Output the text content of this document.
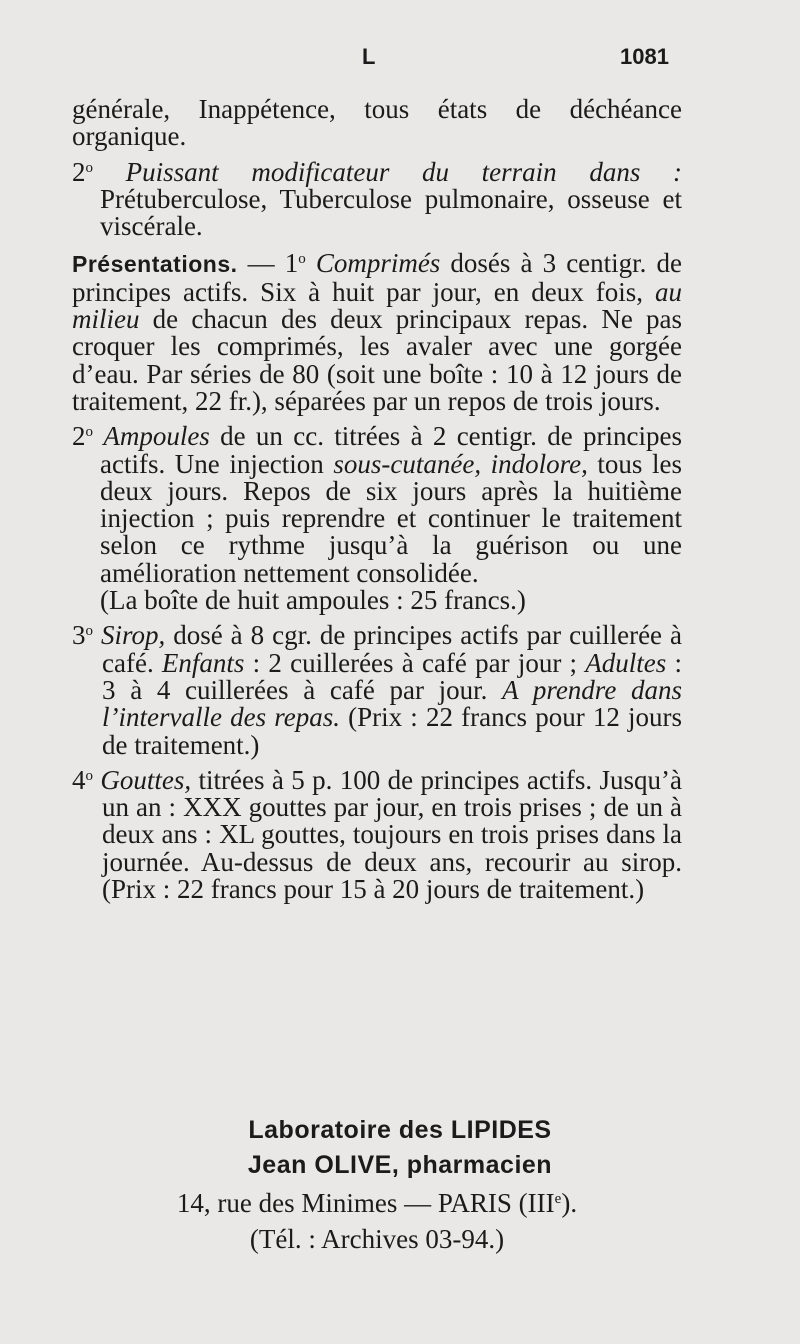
L	1081

générale, Inappétence, tous états de déchéance organique.

2$^o$ Puissant modificateur du terrain dans : Prétuberculose, Tuberculose pulmonaire, osseuse et viscérale.

Présentations. — 1$^o$ Comprimés dosés à 3 centigr. de principes actifs. Six à huit par jour, en deux fois, au milieu de chacun des deux principaux repas. Ne pas croquer les comprimés, les avaler avec une gorgée d’eau. Par séries de 80 (soit une boîte : 10 à 12 jours de traitement, 22 fr.), séparées par un repos de trois jours.

2$^o$ Ampoules de un cc. titrées à 2 centigr. de principes actifs. Une injection sous-cutanée, indolore, tous les deux jours. Repos de six jours après la huitième injection ; puis reprendre et continuer le traitement selon ce rythme jusqu’à la guérison ou une amélioration nettement consolidée.

(La boîte de huit ampoules : 25 francs.)

3$^o$ Sirop, dosé à 8 cgr. de principes actifs par cuillerée à café. Enfants : 2 cuillerées à café par jour ; Adultes : 3 à 4 cuillerées à café par jour. A prendre dans l’intervalle des repas. (Prix : 22 francs pour 12 jours de traitement.)

4$^o$ Gouttes, titrées à 5 p. 100 de principes actifs. Jusqu’à un an : XXX gouttes par jour, en trois prises ; de un à deux ans : XL gouttes, toujours en trois prises dans la journée. Au-dessus de deux ans, recourir au sirop. (Prix : 22 francs pour 15 à 20 jours de traitement.)

Laboratoire des LIPIDES
Jean OLIVE, pharmacien
14, rue des Minimes — PARIS (IIIe).
(Tél. : Archives 03-94.)
